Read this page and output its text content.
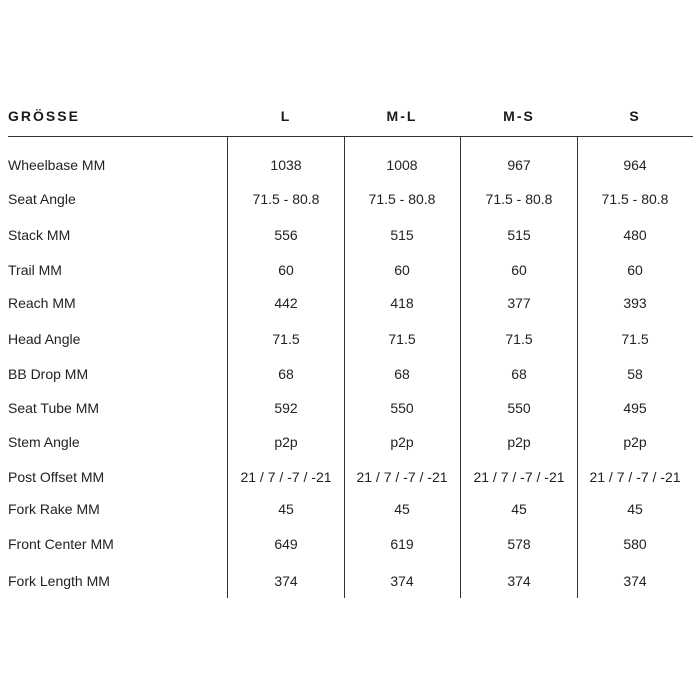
GRÖSSE	L	M-L	M-S	S
Wheelbase MM	1038	1008	967	964
Seat Angle	71.5 - 80.8	71.5 - 80.8	71.5 - 80.8	71.5 - 80.8
Stack MM	556	515	515	480
Trail MM	60	60	60	60
Reach MM	442	418	377	393
Head Angle	71.5	71.5	71.5	71.5
BB Drop MM	68	68	68	58
Seat Tube MM	592	550	550	495
Stem Angle	p2p	p2p	p2p	p2p
Post Offset MM	21 / 7 / -7 / -21	21 / 7 / -7 / -21	21 / 7 / -7 / -21	21 / 7 / -7 / -21
Fork Rake MM	45	45	45	45
Front Center MM	649	619	578	580
Fork Length MM	374	374	374	374
